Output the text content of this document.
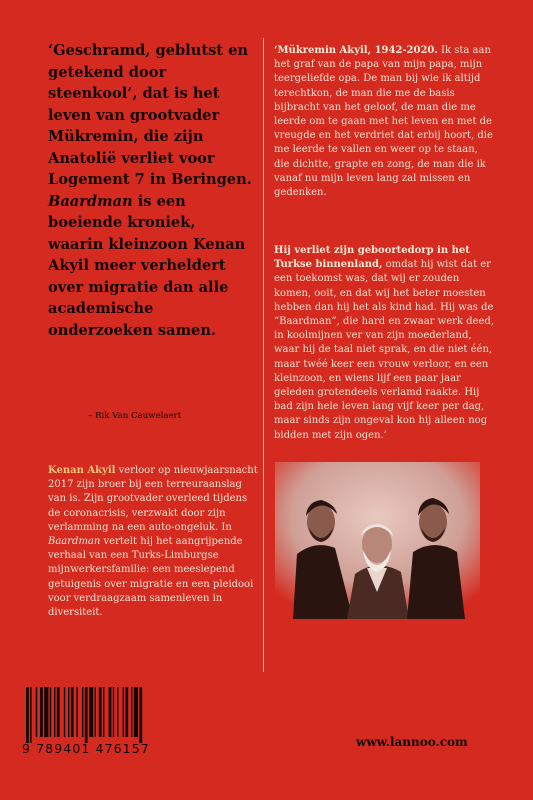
‘Geschramd, geblutst en getekend door steenkool’, dat is het leven van grootvader Mükremin, die zijn Anatolië verliet voor Logement 7 in Beringen. Baardman is een boeiende kroniek, waarin kleinzoon Kenan Akyil meer verheldert over migratie dan alle academische onderzoeken samen.
– Rik Van Cauwelaert
Kenan Akyil verloor op nieuwjaarsnacht 2017 zijn broer bij een terreuraanslag van is. Zijn grootvader overleed tijdens de coronacrisis, verzwakt door zijn verlamming na een auto-ongeluk. In Baardman vertelt hij het aangrijpende verhaal van een Turks-Limburgse mijnwerkersfamilie: een meeslepend getuigenis over migratie en een pleidooi voor verdraagzaam samenleven in diversiteit.
‘Mükremin Akyil, 1942-2020. Ik sta aan het graf van de papa van mijn papa, mijn teergeliefde opa. De man bij wie ik altijd terechtkon, de man die me de basis bijbracht van het geloof, de man die me leerde om te gaan met het leven en met de vreugde en het verdriet dat erbij hoort, die me leerde te vallen en weer op te staan, die dichtte, grapte en zong, de man die ik vanaf nu mijn leven lang zal missen en gedenken.
Hij verliet zijn geboortedorp in het Turkse binnenland, omdat hij wist dat er een toekomst was, dat wij er zouden komen, ooit, en dat wij het beter moesten hebben dan hij het als kind had. Hij was de “Baardman”, die hard en zwaar werk deed, in koolmijnen ver van zijn moederland, waar hij de taal niet sprak, en die niet één, maar twéé keer een vrouw verloor, en een kleinzoon, en wiens lijf een paar jaar geleden grotendeels verlamd raakte. Hij bad zijn hele leven lang vijf keer per dag, maar sinds zijn ongeval kon hij alleen nog bidden met zijn ogen.’
9 789401 476157	www.lannoo.com
